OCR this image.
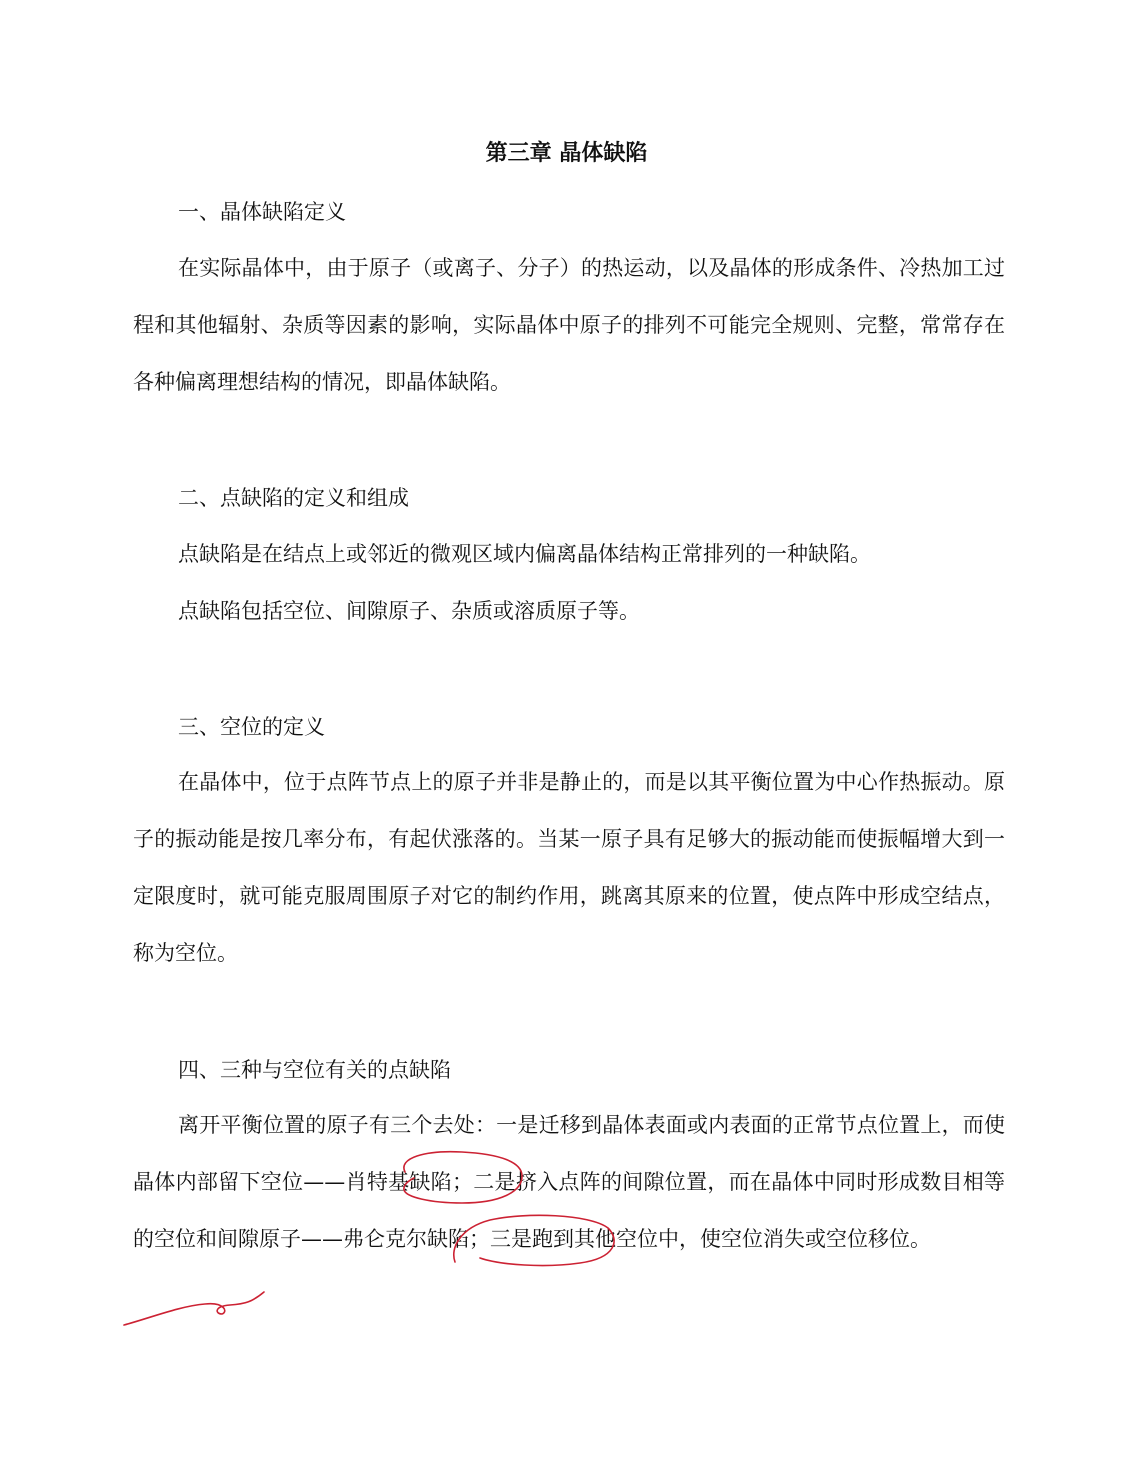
第三章 晶体缺陷
一、晶体缺陷定义

在实际晶体中，由于原子（或离子、分子）的热运动，以及晶体的形成条件、冷热加工过程和其他辐射、杂质等因素的影响，实际晶体中原子的排列不可能完全规则、完整，常常存在各种偏离理想结构的情况，即晶体缺陷。

二、点缺陷的定义和组成

点缺陷是在结点上或邻近的微观区域内偏离晶体结构正常排列的一种缺陷。

点缺陷包括空位、间隙原子、杂质或溶质原子等。

三、空位的定义

在晶体中，位于点阵节点上的原子并非是静止的，而是以其平衡位置为中心作热振动。原子的振动能是按几率分布，有起伏涨落的。当某一原子具有足够大的振动能而使振幅增大到一定限度时，就可能克服周围原子对它的制约作用，跳离其原来的位置，使点阵中形成空结点，称为空位。

四、三种与空位有关的点缺陷

离开平衡位置的原子有三个去处：一是迁移到晶体表面或内表面的正常节点位置上，而使晶体内部留下空位——肖特基缺陷；二是挤入点阵的间隙位置，而在晶体中同时形成数目相等的空位和间隙原子——弗仑克尔缺陷；三是跑到其他空位中，使空位消失或空位移位。
